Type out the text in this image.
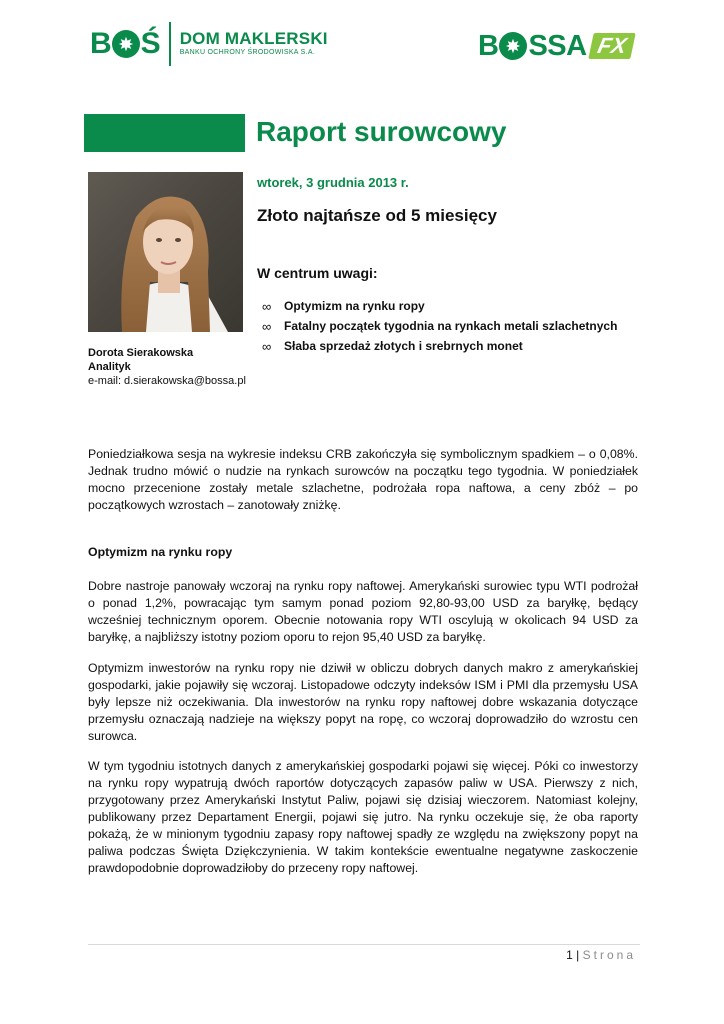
B Ś DOM MAKLERSKI
BANKU OCHRONY ŚRODOWISKA S.A.	B SSA FX
Raport surowcowy
wtorek, 3 grudnia 2013 r.
Złoto najtańsze od 5 miesięcy
W centrum uwagi:
∞	Optymizm na rynku ropy
∞	Fatalny początek tygodnia na rynkach metali szlachetnych
∞	Słaba sprzedaż złotych i srebrnych monet
Dorota Sierakowska
Analityk
e-mail: d.sierakowska@bossa.pl

Poniedziałkowa sesja na wykresie indeksu CRB zakończyła się symbolicznym spadkiem – o 0,08%. Jednak trudno mówić o nudzie na rynkach surowców na początku tego tygodnia. W poniedziałek mocno przecenione zostały metale szlachetne, podrożała ropa naftowa, a ceny zbóż – po początkowych wzrostach – zanotowały zniżkę.

Optymizm na rynku ropy

Dobre nastroje panowały wczoraj na rynku ropy naftowej. Amerykański surowiec typu WTI podrożał o ponad 1,2%, powracając tym samym ponad poziom 92,80-93,00 USD za baryłkę, będący wcześniej technicznym oporem. Obecnie notowania ropy WTI oscylują w okolicach 94 USD za baryłkę, a najbliższy istotny poziom oporu to rejon 95,40 USD za baryłkę.

Optymizm inwestorów na rynku ropy nie dziwił w obliczu dobrych danych makro z amerykańskiej gospodarki, jakie pojawiły się wczoraj. Listopadowe odczyty indeksów ISM i PMI dla przemysłu USA były lepsze niż oczekiwania. Dla inwestorów na rynku ropy naftowej dobre wskazania dotyczące przemysłu oznaczają nadzieje na większy popyt na ropę, co wczoraj doprowadziło do wzrostu cen surowca.

W tym tygodniu istotnych danych z amerykańskiej gospodarki pojawi się więcej. Póki co inwestorzy na rynku ropy wypatrują dwóch raportów dotyczących zapasów paliw w USA. Pierwszy z nich, przygotowany przez Amerykański Instytut Paliw, pojawi się dzisiaj wieczorem. Natomiast kolejny, publikowany przez Departament Energii, pojawi się jutro. Na rynku oczekuje się, że oba raporty pokażą, że w minionym tygodniu zapasy ropy naftowej spadły ze względu na zwiększony popyt na paliwa podczas Święta Dziękczynienia. W takim kontekście ewentualne negatywne zaskoczenie prawdopodobnie doprowadziłoby do przeceny ropy naftowej.

1 | Strona
